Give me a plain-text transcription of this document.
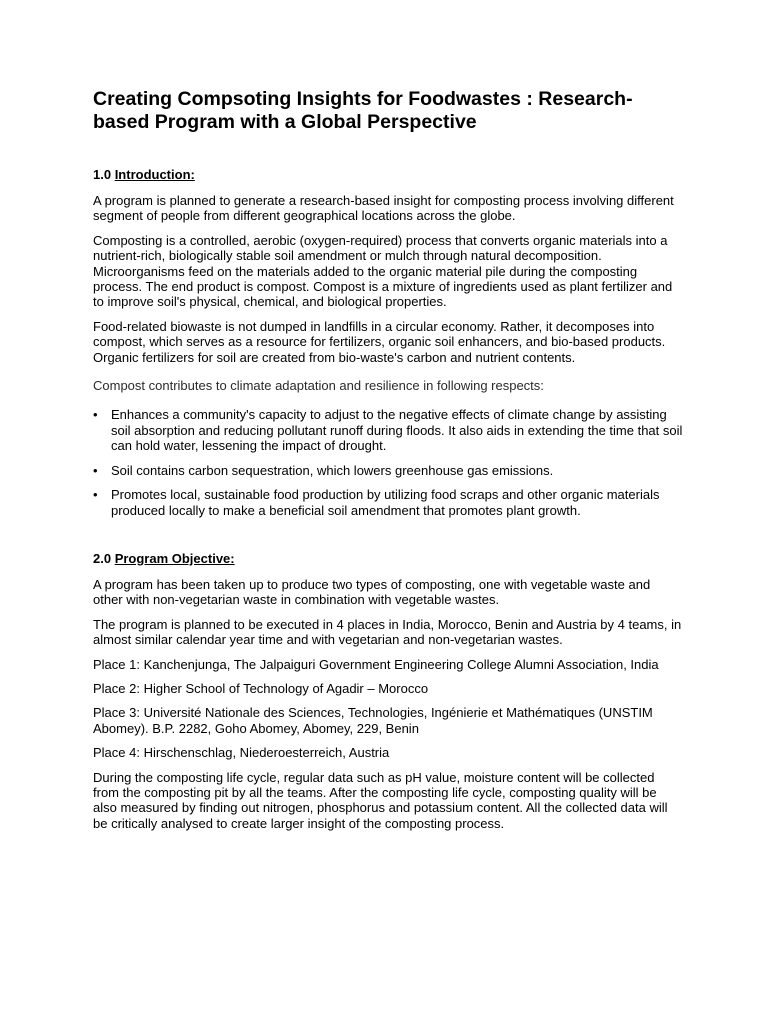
Creating Compsoting Insights for Foodwastes : Research-based Program with a Global Perspective
1.0 Introduction:

A program is planned to generate a research-based insight for composting process involving different segment of people from different geographical locations across the globe.

Composting is a controlled, aerobic (oxygen-required) process that converts organic materials into a nutrient-rich, biologically stable soil amendment or mulch through natural decomposition. Microorganisms feed on the materials added to the organic material pile during the composting process. The end product is compost. Compost is a mixture of ingredients used as plant fertilizer and to improve soil's physical, chemical, and biological properties.

Food-related biowaste is not dumped in landfills in a circular economy. Rather, it decomposes into compost, which serves as a resource for fertilizers, organic soil enhancers, and bio-based products. Organic fertilizers for soil are created from bio-waste's carbon and nutrient contents.

Compost contributes to climate adaptation and resilience in following respects:

• Enhances a community's capacity to adjust to the negative effects of climate change by assisting soil absorption and reducing pollutant runoff during floods. It also aids in extending the time that soil can hold water, lessening the impact of drought.
• Soil contains carbon sequestration, which lowers greenhouse gas emissions.
• Promotes local, sustainable food production by utilizing food scraps and other organic materials produced locally to make a beneficial soil amendment that promotes plant growth.
2.0 Program Objective:

A program has been taken up to produce two types of composting, one with vegetable waste and other with non-vegetarian waste in combination with vegetable wastes.

The program is planned to be executed in 4 places in India, Morocco, Benin and Austria by 4 teams, in almost similar calendar year time and with vegetarian and non-vegetarian wastes.

Place 1: Kanchenjunga, The Jalpaiguri Government Engineering College Alumni Association, India

Place 2: Higher School of Technology of Agadir – Morocco

Place 3: Université Nationale des Sciences, Technologies, Ingénierie et Mathématiques (UNSTIM Abomey). B.P. 2282, Goho Abomey, Abomey, 229, Benin

Place 4: Hirschenschlag, Niederoesterreich, Austria

During the composting life cycle, regular data such as pH value, moisture content will be collected from the composting pit by all the teams. After the composting life cycle, composting quality will be also measured by finding out nitrogen, phosphorus and potassium content. All the collected data will be critically analysed to create larger insight of the composting process.
